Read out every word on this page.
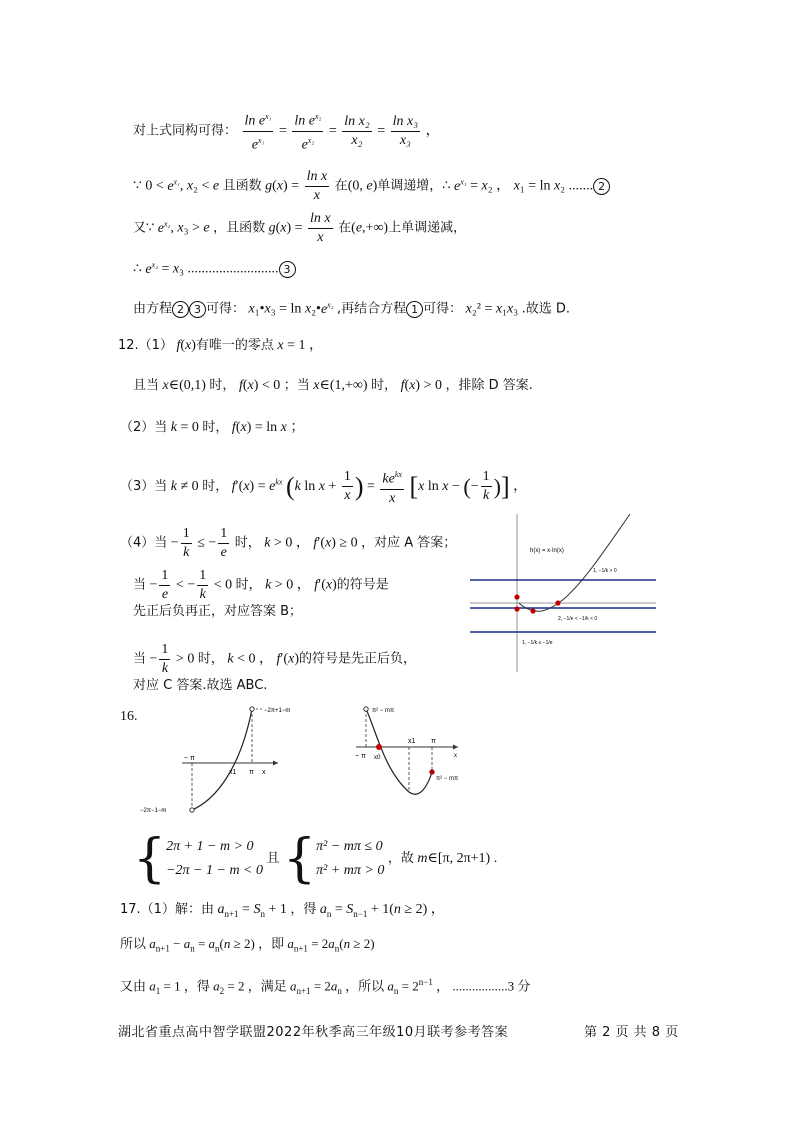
对上式同构可得： $\frac{\ln e^{x_1}}{e^{x_1}} = \frac{\ln e^{x_2}}{e^{x_2}} = \frac{\text{ln x₂}}{\text{x₂}} = \frac{\text{ln x₃}}{\text{x₃}}$ ，
∵ $0 < e^{x_1}$, x₂ < e 且函数 $g(x) = \frac{\text{ln x}}{x}$ 在(0, e)单调递增，∴ $e^{x_1} = x_2$ ， x₁ = ln x₂ ....... 2
又∵ $e^{x_2}$, x₃ > e ，且函数 $g(x) = \frac{\text{ln x}}{x}$ 在(e,+∞)上单调递减，
∴ $e^{x_2} = x_3$ .......................... 3
由方程 2 3 可得： x₁•x₃ = $\ln x_2•e^{x_2}$ ,再结合方程 1 可得： x₂² = x₁x₃ .故选 D.
12.（1） f(x)有唯一的零点 x = 1 ，
且当 x∈(0,1) 时， f(x) < 0 ；当 x∈(1,+∞) 时， f(x) > 0 ，排除 D 答案.
（2）当 k = 0 时， f(x) = ln x ；
（3）当 k ≠ 0 时， $f'(x) = e^{kx}$ (k $\ln x + \frac{1}{x}$ ) = $\frac{ke^{kx}}{x} [x$ ln x − (− $\frac{1}{k}$ )] ，
（4）当 − $\frac{1}{k}$ ≤ − $\frac{1}{e}$ 时， k > 0 ， f′(x) ≥ 0 ，对应 A 答案；
当 − $\frac{1}{e}$ < − $\frac{1}{k} < 0$ 时， k > 0 ， f′(x)的符号是
先正后负再正，对应答案 B；
当 − $\frac{1}{k} > 0$ 时， k < 0 ， f′(x)的符号是先正后负，
对应 C 答案.故选 ABC.
h(x) = x·ln(x)
1, −1/k > 0
2, −1/e < −1/k < 0
1, −1/k ≤ −1/e
16.	−2π+1−m
−2π−1−m
− π
x1 π x
π² − mπ
π² − mπ
− π x0
x1 π
x
{ 2π + 1 − m > 0
−2π − 1 − m < 0
且 { π² − mπ ≤ 0
π² + mπ > 0
，故 m∈[π, 2π+1) .
17.（1）解：由 $a_{n+1} = S_n + 1$ ，得 $a_n = S_{n-1} + 1(n \ge 2)$ ，
所以 $a_{n+1} - a_n = a_n(n \ge 2)$ ，即 $a_{n+1} = 2a_n(n \ge 2)$
又由 $a_1 = 1$ ，得 $a_2 = 2$ ，满足 $a_{n+1} = 2a_n$ ，所以 $a_n = 2^{n-1}$ ， .................3 分
湖北省重点高中智学联盟2022年秋季高三年级10月联考参考答案	第 2 页 共 8 页
